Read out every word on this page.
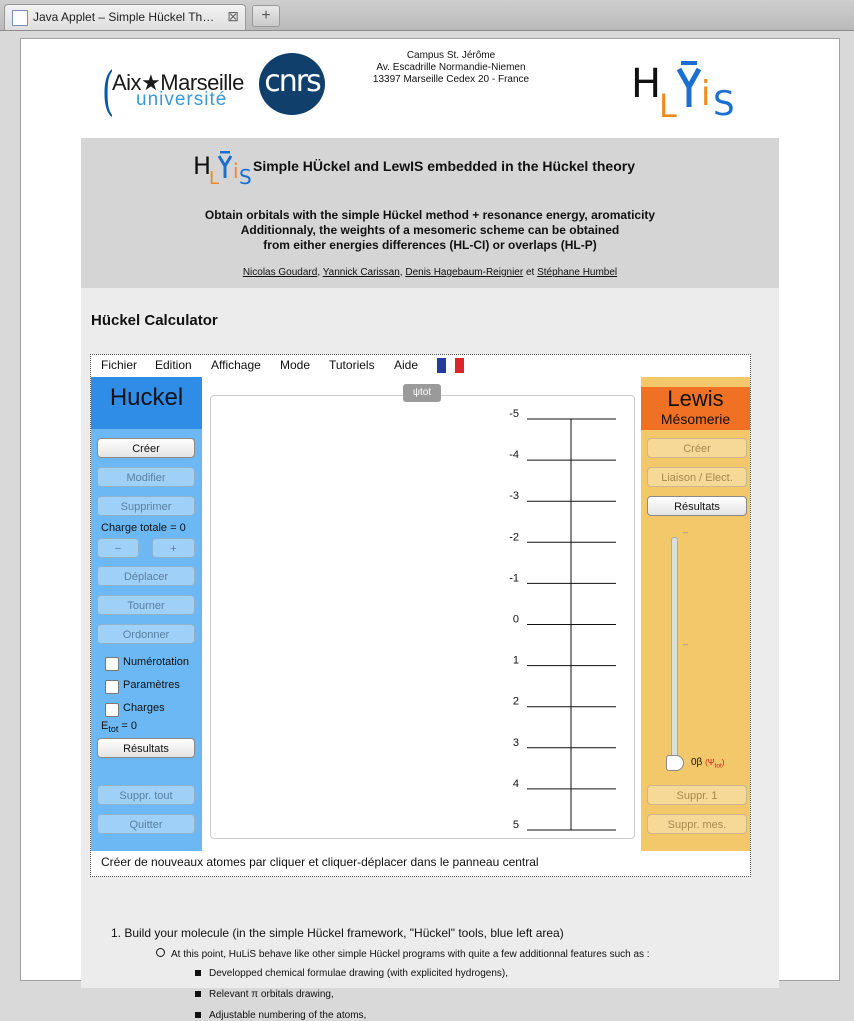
Java Applet – Simple Hückel Th… ⊠	+
(
Aix★Marseille
université
cnrs
Campus St. Jérôme
Av. Escadrille Normandie-Niemen
13397 Marseille Cedex 20 - France	H
L i S
H
L i S Simple HÜckel and LewIS embedded in the Hückel theory
Obtain orbitals with the simple Hückel method + resonance energy, aromaticity
Additionnaly, the weights of a mesomeric scheme can be obtained
from either energies differences (HL-CI) or overlaps (HL-P)
Nicolas Goudard, Yannick Carissan, Denis Hagebaum-Reignier et Stéphane Humbel
Hückel Calculator
Fichier Edition Affichage Mode Tutoriels Aide
Huckel
Créer
Modifier
Supprimer
Charge totale = 0
−	+
Déplacer
Tourner
Ordonner
Numérotation
Paramètres
Charges
$E_{tot} = 0$
Résultats
Suppr. tout
Quitter
ψtot
-5
-4
-3
-2
-1
0
1
2
3
4
5
Lewis
Mésomerie
Créer
Liaison / Elect.
Résultats
–
–
0β $(\Psi_{tot})$
Suppr. 1
Suppr. mes.
Créer de nouveaux atomes par cliquer et cliquer-déplacer dans le panneau central
1. Build your molecule (in the simple Hückel framework, "Hückel" tools, blue left area)
At this point, HuLiS behave like other simple Hückel programs with quite a few additionnal features such as :
Developped chemical formulae drawing (with explicited hydrogens),
Relevant π orbitals drawing,
Adjustable numbering of the atoms,
